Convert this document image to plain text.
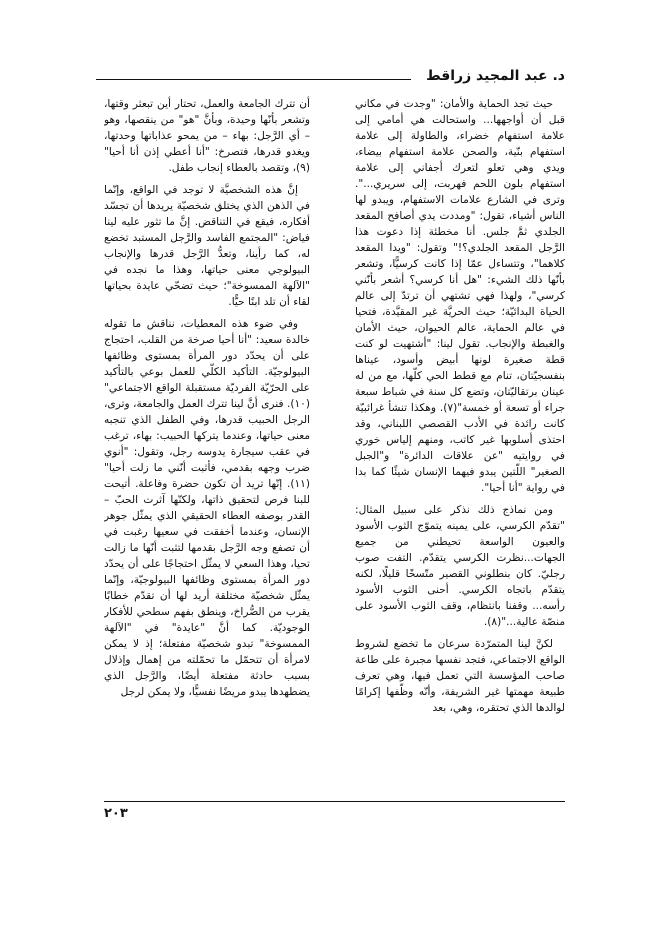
د. عبد المجيد زراقط

حيث تجد الحماية والأمان: "وجدت في مكاني قبل أن أواجهها... واستحالت هي أمامي إلى علامة استفهام خضراء، والطاولة إلى علامة استفهام بنّية، والصحن علامة استفهام بيضاء، ويدي وهي تعلو لتعرك أجفاني إلى علامة استفهام بلون اللحم فهربت، إلى سريري...". وترى في الشارع علامات الاستفهام، ويبدو لها الناس أشياء، تقول: "ومددت يدي أصافح المقعد الجلدي ثمَّ جلس. أنا مخطئة إذا دعوت هذا الرَّجل المقعد الجلدي؟!" وتقول: "ويدا المقعد كلاهما"، وتتساءل عمّا إذا كانت كرسيًّا، وتشعر بأنّها ذلك الشيء: "هل أنا كرسي؟ أشعر بأنّني كرسي"، ولهذا فهي تشتهي أن ترتدّ إلى عالم الحياة البدائيّة؛ حيث الحريَّة غير المقيَّدة، فتحيا في عالم الحماية، عالم الحيوان، حيث الأمان والغبطة والإنجاب. تقول لينا: "أشتهيت لو كنت قطة صغيرة لونها أبيض وأسود، عيناها بنفسجيّتان، تنام مع قطط الحي كلّها، مع من له عينان برتقاليّتان، وتضع كل سنة في شباط سبعة جراء أو تسعة أو خمسة"(٧). وهكذا تنشأ غرائبيّة كانت رائدة في الأدب القصصي اللبناني، وقد احتذى أسلوبها غير كاتب، ومنهم إلياس خوري في روايتيه "عن علاقات الدائرة" و"الجبل الصغير" اللّتين يبدو فيهما الإنسان شيئًا كما بدا في رواية "أنا أحيا".

ومن نماذج ذلك نذكر على سبيل المثال: "تقدّم الكرسي، على يمينه يتموّج الثوب الأسود والعيون الواسعة تحيطني من جميع الجهات...نظرت الكرسي يتقدّم. التفت صوب رجليّ. كان بنطلوني القصير متّسخًا قليلًا، لكنه يتقدّم باتجاه الكرسي. أحنى الثوب الأسود رأسه... وقفنا بانتظام، وقف الثوب الأسود على منصّة عالية..."(٨).

لكنَّ لينا المتمرّدة سرعان ما تخضع لشروط الواقع الاجتماعي، فتجد نفسها مجبرة على طاعة صاحب المؤسسة التي تعمل فيها، وهي تعرف طبيعة مهمتها غير الشريفة، وأنّه وظّفها إكرامًا لوالدها الذي تحتقره، وهي، بعد

أن تترك الجامعة والعمل، تحتار أين تبعثر وقتها، وتشعر بأنّها وحيدة، وبأنَّ "هو" من ينقصها، وهو – أي الرَّجل: بهاء – من يمحو عذاباتها وحدتها، ويغدو قدرها، فتصرخ: "أنا أعطي إذن أنا أحيا"(٩)، وتقصد بالعطاء إنجاب طفل.

إنَّ هذه الشخصيَّة لا توجد في الواقع، وإنّما في الذهن الذي يختلق شخصيّة يريدها أن تجسّد أفكاره، فيقع في التناقض. إنَّ ما تثور عليه لينا فياض: "المجتمع الفاسد والرَّجل المستبد تخضع له، كما رأينا، وتعدُّ الرَّجل قدرها والإنجاب البيولوجي معنى حياتها، وهذا ما نجده في "الآلهة الممسوخة"؛ حيث تضحّي عايدة بحياتها لقاء أن تلد ابنًا حيًّا.

وفي ضوء هذه المعطيات، نناقش ما تقوله خالدة سعيد: "أنا أحيا صرخة من القلب، احتجاج على أن يحدّد دور المرأة بمستوى وظائفها البيولوجيّة. التأكيد الكلّي للعمل بوعي بالتأكيد على الحرّيّة الفرديّة مستقبلة الواقع الاجتماعي"(١٠). فنرى أنَّ لينا تترك العمل والجامعة، وترى، الرجل الحبيب قدرها، وفي الطفل الذي تنجبه معنى حياتها، وعندما يتركها الحبيب: بهاء، ترغب في عقب سيجارة يدوسه رجل، وتقول: "أنوي ضرب وجهه بقدمي، فأثبت أنّني ما زلت أحيا"(١١). إنّها تريد أن تكون حضرة وفاعلة. أتيحت للبنا فرص لتحقيق ذاتها، ولكنّها آثرت الحبّ – القدر بوصفه العطاء الحقيقي الذي يمثّل جوهر الإنسان، وعندما أخفقت في سعيها رغبت في أن تصفع وجه الرَّجل بقدمها لتثبت أنّها ما زالت تحيا، وهذا السعي لا يمثّل احتجاجًا على أن يحدّد دور المرأة بمستوى وظائفها البيولوجيّة، وإنّما يمثّل شخصيّة مختلقة أريد لها أن تقدّم خطابًا يقرب من الصُّراخ، وينطق بفهم سطحي للأفكار الوجوديّة. كما أنَّ "عايدة" في "الآلهة الممسوخة" تبدو شخصيّة مفتعلة؛ إذ لا يمكن لامرأة أن تتحمّل ما تحمّلته من إهمال وإذلال بسبب حادثة مفتعلة أيضًا، والرَّجل الذي يضطهدها يبدو مريضًا نفسيًّا، ولا يمكن لرجل

٢٠٣
